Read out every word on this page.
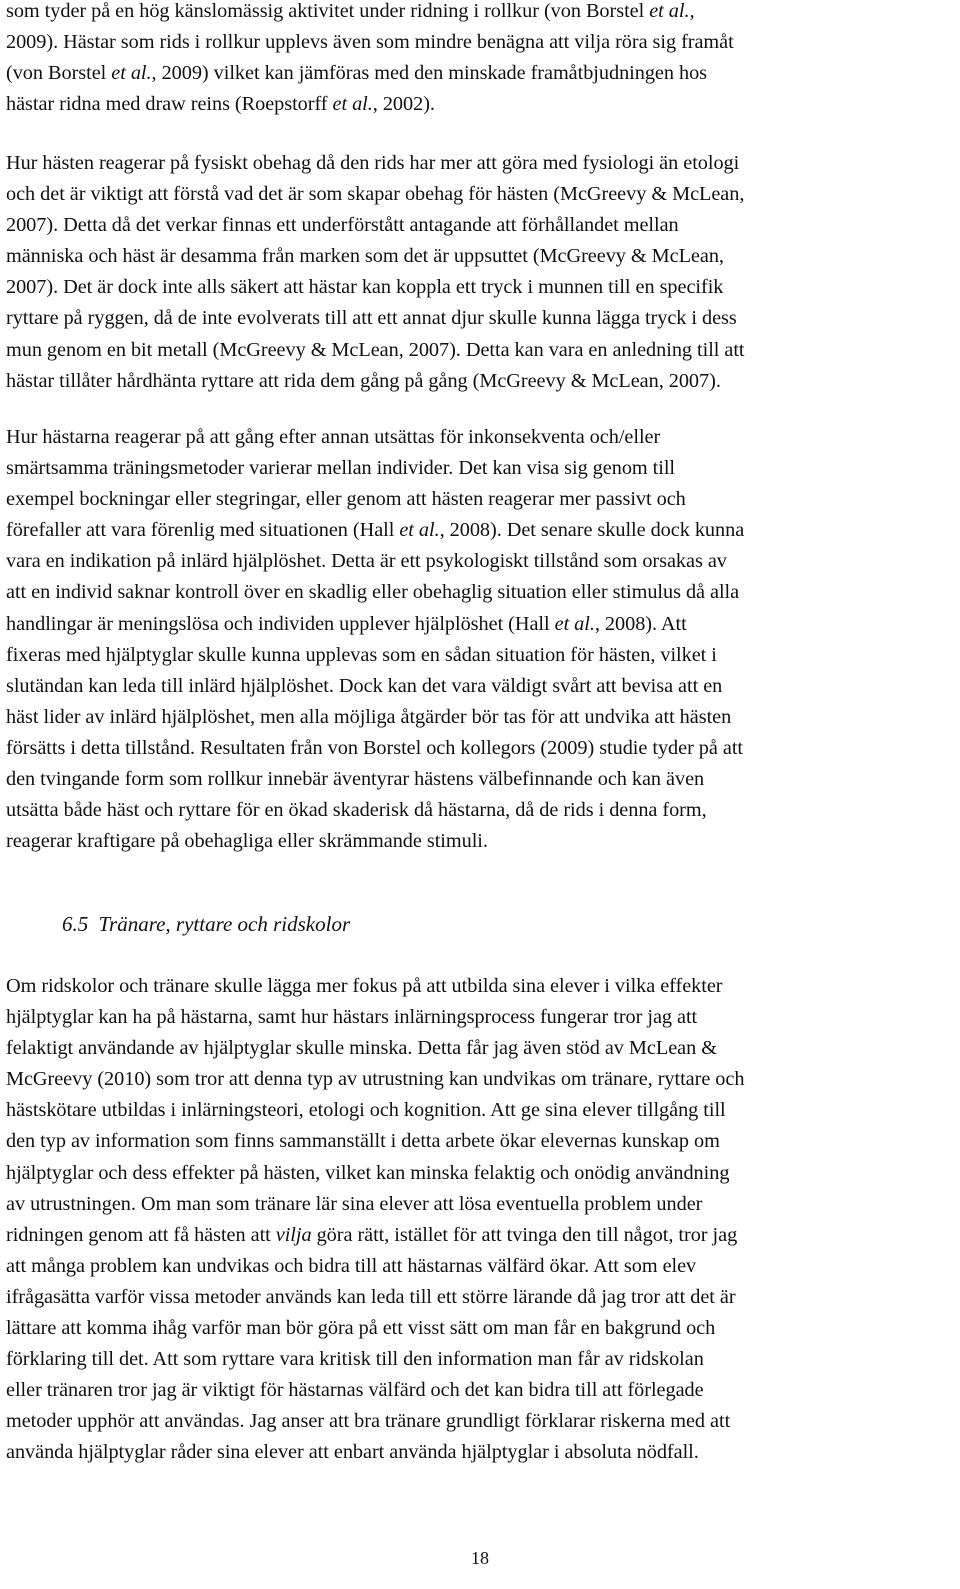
som tyder på en hög känslomässig aktivitet under ridning i rollkur (von Borstel et al.,
2009). Hästar som rids i rollkur upplevs även som mindre benägna att vilja röra sig framåt
(von Borstel et al., 2009) vilket kan jämföras med den minskade framåtbjudningen hos
hästar ridna med draw reins (Roepstorff et al., 2002).

Hur hästen reagerar på fysiskt obehag då den rids har mer att göra med fysiologi än etologi
och det är viktigt att förstå vad det är som skapar obehag för hästen (McGreevy & McLean,
2007). Detta då det verkar finnas ett underförstått antagande att förhållandet mellan
människa och häst är desamma från marken som det är uppsuttet (McGreevy & McLean,
2007). Det är dock inte alls säkert att hästar kan koppla ett tryck i munnen till en specifik
ryttare på ryggen, då de inte evolverats till att ett annat djur skulle kunna lägga tryck i dess
mun genom en bit metall (McGreevy & McLean, 2007). Detta kan vara en anledning till att
hästar tillåter hårdhänta ryttare att rida dem gång på gång (McGreevy & McLean, 2007).

Hur hästarna reagerar på att gång efter annan utsättas för inkonsekventa och/eller
smärtsamma träningsmetoder varierar mellan individer. Det kan visa sig genom till
exempel bockningar eller stegringar, eller genom att hästen reagerar mer passivt och
förefaller att vara förenlig med situationen (Hall et al., 2008). Det senare skulle dock kunna
vara en indikation på inlärd hjälplöshet. Detta är ett psykologiskt tillstånd som orsakas av
att en individ saknar kontroll över en skadlig eller obehaglig situation eller stimulus då alla
handlingar är meningslösa och individen upplever hjälplöshet (Hall et al., 2008). Att
fixeras med hjälptyglar skulle kunna upplevas som en sådan situation för hästen, vilket i
slutändan kan leda till inlärd hjälplöshet. Dock kan det vara väldigt svårt att bevisa att en
häst lider av inlärd hjälplöshet, men alla möjliga åtgärder bör tas för att undvika att hästen
försätts i detta tillstånd. Resultaten från von Borstel och kollegors (2009) studie tyder på att
den tvingande form som rollkur innebär äventyrar hästens välbefinnande och kan även
utsätta både häst och ryttare för en ökad skaderisk då hästarna, då de rids i denna form,
reagerar kraftigare på obehagliga eller skrämmande stimuli.

6.5 Tränare, ryttare och ridskolor

Om ridskolor och tränare skulle lägga mer fokus på att utbilda sina elever i vilka effekter
hjälptyglar kan ha på hästarna, samt hur hästars inlärningsprocess fungerar tror jag att
felaktigt användande av hjälptyglar skulle minska. Detta får jag även stöd av McLean &
McGreevy (2010) som tror att denna typ av utrustning kan undvikas om tränare, ryttare och
hästskötare utbildas i inlärningsteori, etologi och kognition. Att ge sina elever tillgång till
den typ av information som finns sammanställt i detta arbete ökar elevernas kunskap om
hjälptyglar och dess effekter på hästen, vilket kan minska felaktig och onödig användning
av utrustningen. Om man som tränare lär sina elever att lösa eventuella problem under
ridningen genom att få hästen att vilja göra rätt, istället för att tvinga den till något, tror jag
att många problem kan undvikas och bidra till att hästarnas välfärd ökar. Att som elev
ifrågasätta varför vissa metoder används kan leda till ett större lärande då jag tror att det är
lättare att komma ihåg varför man bör göra på ett visst sätt om man får en bakgrund och
förklaring till det. Att som ryttare vara kritisk till den information man får av ridskolan
eller tränaren tror jag är viktigt för hästarnas välfärd och det kan bidra till att förlegade
metoder upphör att användas. Jag anser att bra tränare grundligt förklarar riskerna med att
använda hjälptyglar råder sina elever att enbart använda hjälptyglar i absoluta nödfall.

18
